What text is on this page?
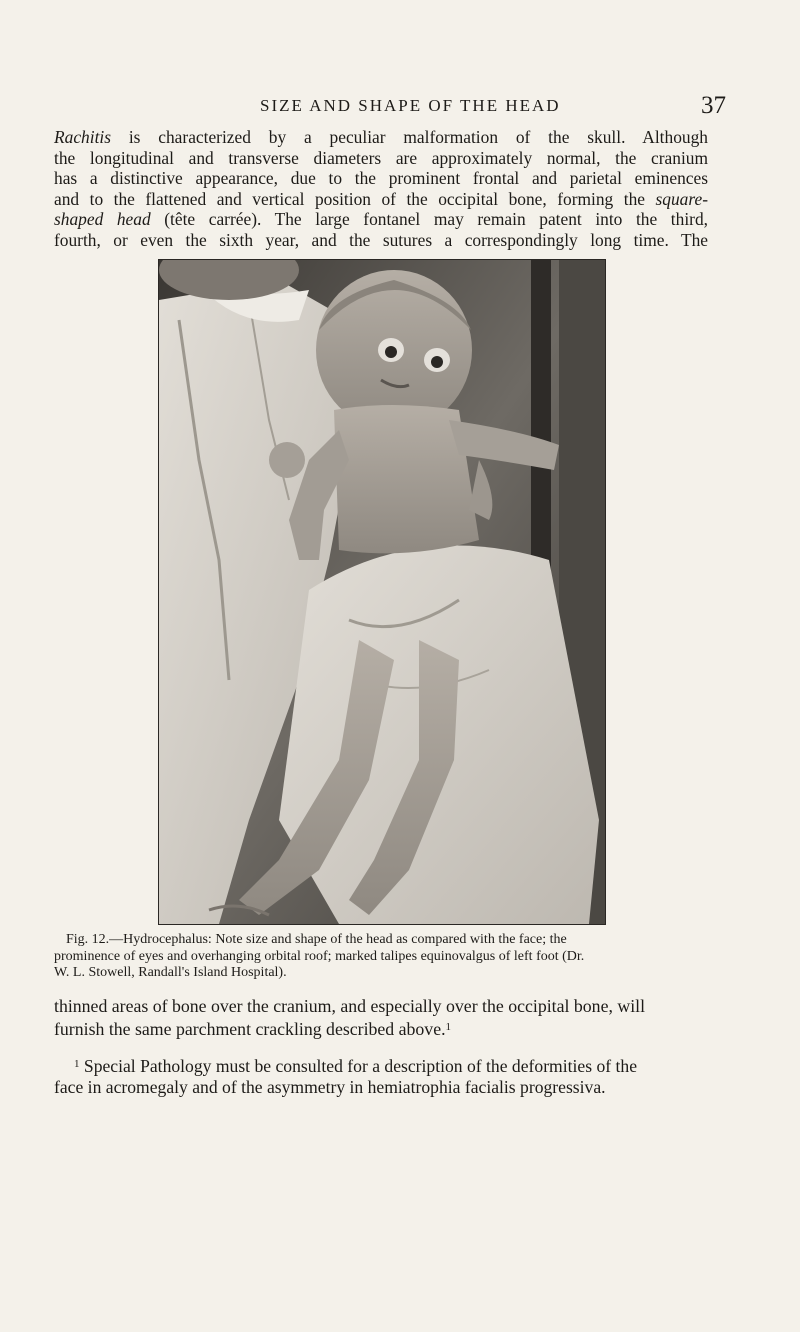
SIZE AND SHAPE OF THE HEAD	37
Rachitis is characterized by a peculiar malformation of the skull. Although
the longitudinal and transverse diameters are approximately normal, the cranium
has a distinctive appearance, due to the prominent frontal and parietal eminences
and to the flattened and vertical position of the occipital bone, forming the square-
shaped head (tête carrée). The large fontanel may remain patent into the third,
fourth, or even the sixth year, and the sutures a correspondingly long time. The
Fig. 12.—Hydrocephalus: Note size and shape of the head as compared with the face; the
prominence of eyes and overhanging orbital roof; marked talipes equinovalgus of left foot (Dr.
W. L. Stowell, Randall's Island Hospital).
thinned areas of bone over the cranium, and especially over the occipital bone, will
furnish the same parchment crackling described above.$^1$
$^1$ Special Pathology must be consulted for a description of the deformities of the
face in acromegaly and of the asymmetry in hemiatrophia facialis progressiva.
